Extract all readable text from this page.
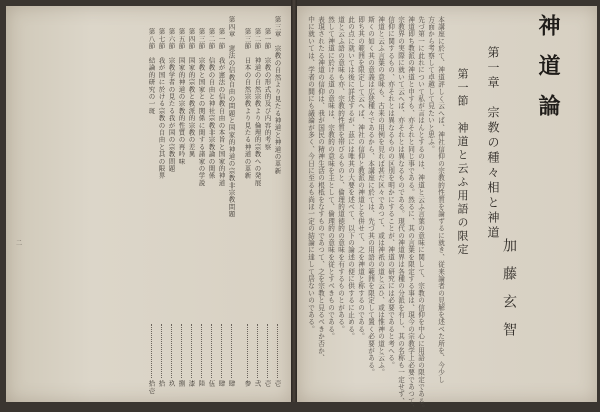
二
第三章　宗教の自然より見たる神道と神道の革新
壱
第一節　宗教の形式的及び内容的考察
壱
第二節　神道の自然宗教より倫理的宗教への発展
弐
第三節　日本の自然宗教より見たる神道の革新
参
第四章　憲法の信教自由の問題と国家的神道の宗教非宗教問題
肆
第一節　我が憲法の信教自由の本旨と国家的神道
肆
第二節　信教の自由と神社宗教非宗教論の関係
伍
第三節　宗教と国家との関係に関する諸家の学説
陸
第四節　国家的宗教と教派的宗教の差異
漆
第五節　国家的神道の宗教的性質の再吟味
捌
第六節　宗教学者の見たる我が国の宗教問題
玖
第七節　我が国に於ける宗教の自由と其の限界
拾
第八節　結論的研究の一斑
拾壱
神道論
第一章　宗教の種々相と神道
第一節　神道と云ふ用語の限定
加藤玄智
本講座に於て、神道評しく云へば、神社信仰の宗教的性質を論ずるに就き、従来論者の見解を述べた所を、今少し
方面から考察して卓越して見たいと思ふ。
先づ第一に此れについて私が言はんとするのは、神道と云ふ言葉の意味に関して、宗教の信仰を中心に用語の限定である。
神道即ち教派の神道と申すも、亦それと同じ事である。然るに、其の言葉を限定する事は、現今の宗教学上必要であつて、
宗教界の実際に就いて云へば、亦それとは異なるものである。現代の神道界は各種の分派を有し、其の名称も一定せず、
信仰に関するもの、亦それとは異なるものの区別を明かにすることが、神道の研究には必要であると考へる。
神道と云ふ言葉の意味も、古来の用例を見れば甚だ区々であつて、或は神祇の道と云ひ、或は惟神の道と云ふ。
斯くの如く其の意義は広狭種々であるから、本講座に於ては、先づ其の用語の範囲を限定して置く必要がある。
即ち其の範囲を限定して云へば、神社の信仰と教派の神道とを併せて、之を神道と称するのである。
此の点に就いては後に詳述するが、茲には唯其の大要を述べて、以下の論述の便に供するに止める。
道と云ふ語の意味も亦、宗教的性質を帯びるものと、倫理的道徳的の意味を有するものとがある。
然して神道に於ける道の意味は、宗教的の意味を主として、倫理的の意味を従とすべきものである。
表現されたる神道の信仰は、我が国民の精神生活の根柢をなすものであつて、之を宗教と見るべきか否か、
中に就いては、学者の間にも議論が多く、今日に至るも尚ほ一定の結論に達して居ないのである。
